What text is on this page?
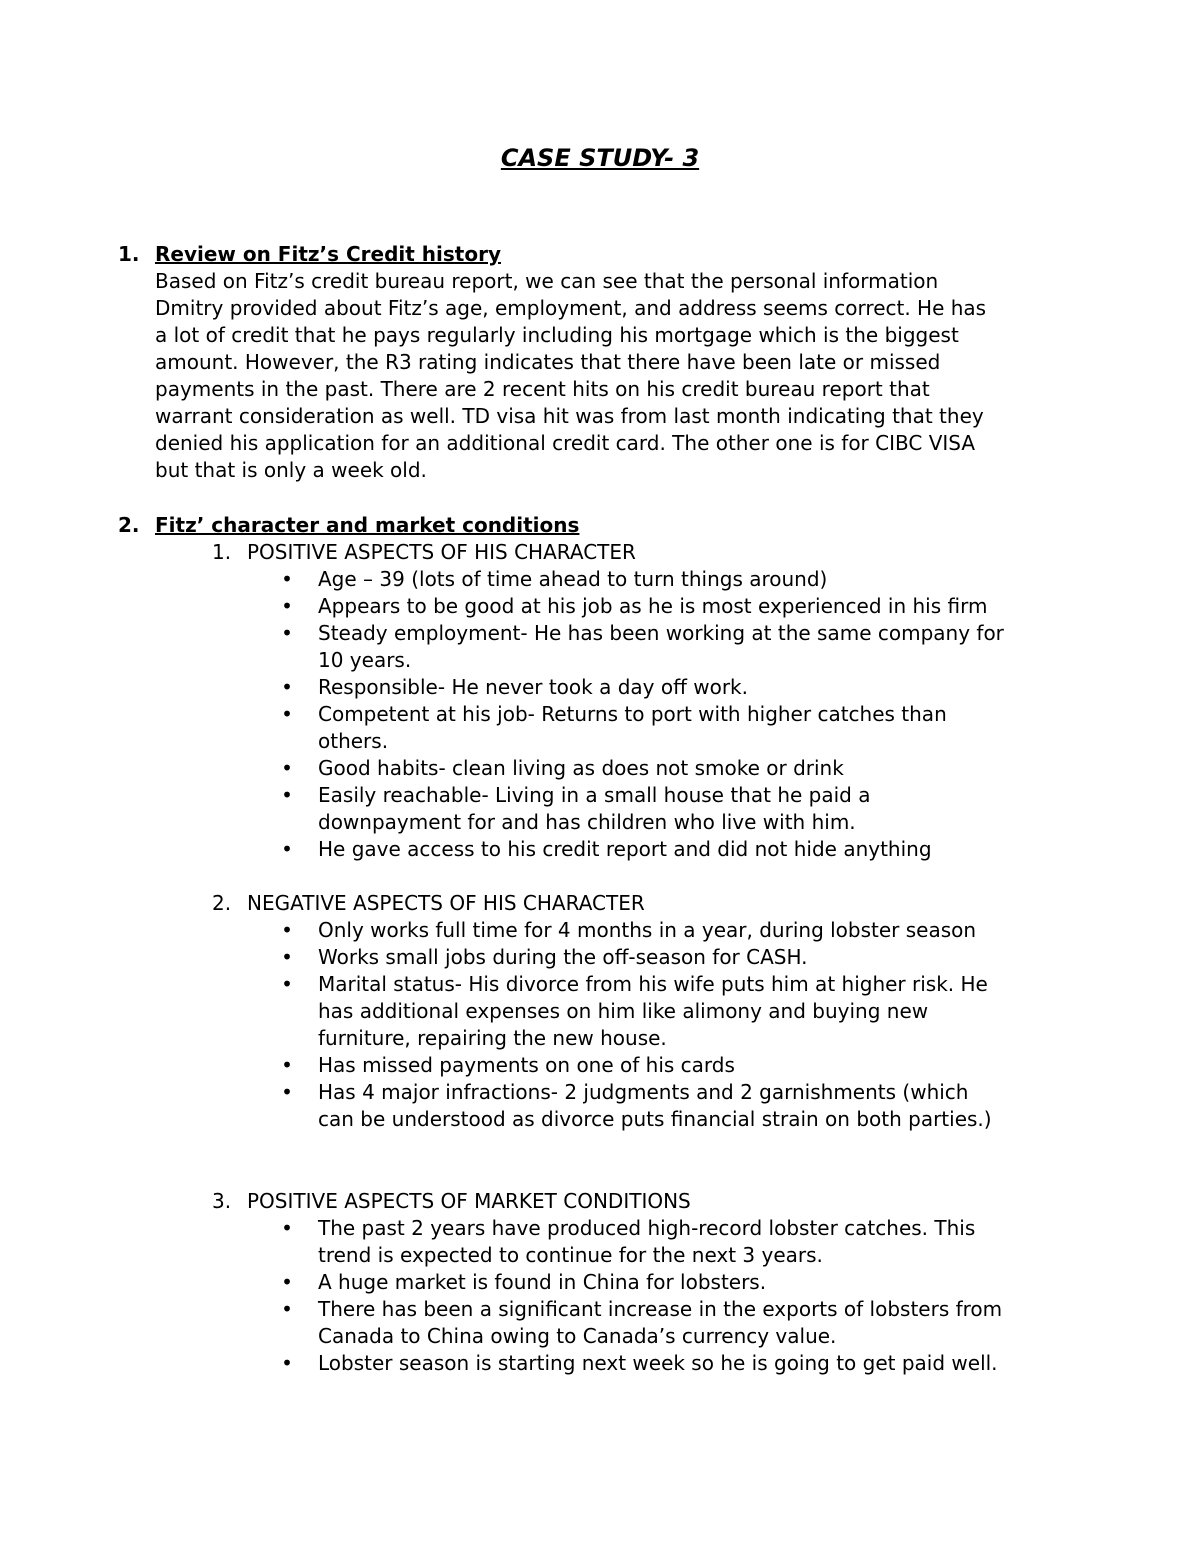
CASE STUDY- 3
1. Review on Fitz’s Credit history

Based on Fitz’s credit bureau report, we can see that the personal information

Dmitry provided about Fitz’s age, employment, and address seems correct. He has

a lot of credit that he pays regularly including his mortgage which is the biggest

amount. However, the R3 rating indicates that there have been late or missed

payments in the past. There are 2 recent hits on his credit bureau report that

warrant consideration as well. TD visa hit was from last month indicating that they

denied his application for an additional credit card. The other one is for CIBC VISA

but that is only a week old.

2. Fitz’ character and market conditions
1. POSITIVE ASPECTS OF HIS CHARACTER
• Age – 39 (lots of time ahead to turn things around)
• Appears to be good at his job as he is most experienced in his firm
• Steady employment- He has been working at the same company for
10 years.
• Responsible- He never took a day off work.
• Competent at his job- Returns to port with higher catches than
others.
• Good habits- clean living as does not smoke or drink
• Easily reachable- Living in a small house that he paid a
downpayment for and has children who live with him.
• He gave access to his credit report and did not hide anything
2. NEGATIVE ASPECTS OF HIS CHARACTER
• Only works full time for 4 months in a year, during lobster season
• Works small jobs during the off-season for CASH.
• Marital status- His divorce from his wife puts him at higher risk. He
has additional expenses on him like alimony and buying new
furniture, repairing the new house.
• Has missed payments on one of his cards
• Has 4 major infractions- 2 judgments and 2 garnishments (which
can be understood as divorce puts financial strain on both parties.)
3. POSITIVE ASPECTS OF MARKET CONDITIONS
• The past 2 years have produced high-record lobster catches. This
trend is expected to continue for the next 3 years.
• A huge market is found in China for lobsters.
• There has been a significant increase in the exports of lobsters from
Canada to China owing to Canada’s currency value.
• Lobster season is starting next week so he is going to get paid well.
